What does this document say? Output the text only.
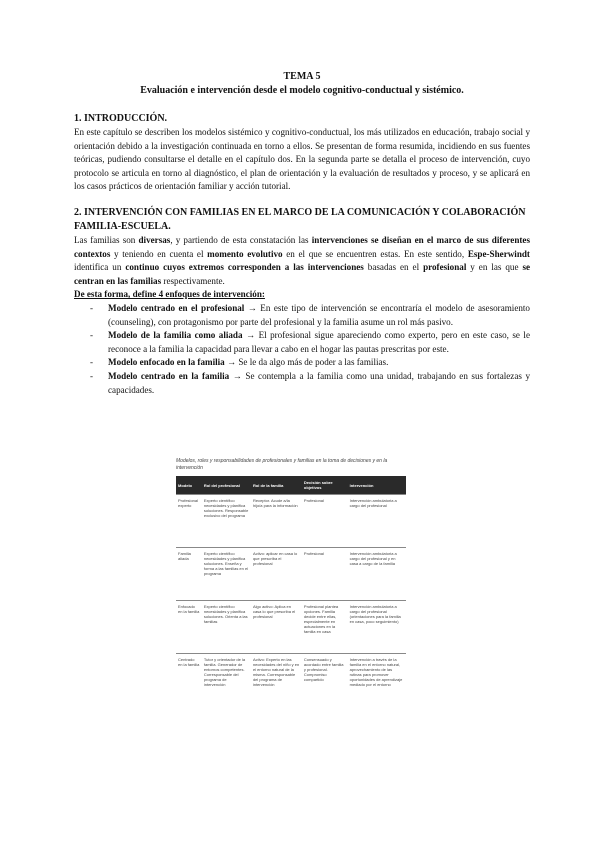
TEMA 5
Evaluación e intervención desde el modelo cognitivo-conductual y sistémico.
1. INTRODUCCIÓN.

En este capítulo se describen los modelos sistémico y cognitivo-conductual, los más utilizados en educación, trabajo social y orientación debido a la investigación continuada en torno a ellos. Se presentan de forma resumida, incidiendo en sus fuentes teóricas, pudiendo consultarse el detalle en el capítulo dos. En la segunda parte se detalla el proceso de intervención, cuyo protocolo se articula en torno al diagnóstico, el plan de orientación y la evaluación de resultados y proceso, y se aplicará en los casos prácticos de orientación familiar y acción tutorial.

2. INTERVENCIÓN CON FAMILIAS EN EL MARCO DE LA COMUNICACIÓN Y COLABORACIÓN FAMILIA-ESCUELA.

Las familias son diversas, y partiendo de esta constatación las intervenciones se diseñan en el marco de sus diferentes contextos y teniendo en cuenta el momento evolutivo en el que se encuentren estas. En este sentido, Espe-Sherwindt identifica un continuo cuyos extremos corresponden a las intervenciones basadas en el profesional y en las que se centran en las familias respectivamente.

De esta forma, define 4 enfoques de intervención:

- Modelo centrado en el profesional → En este tipo de intervención se encontraría el modelo de asesoramiento (counseling), con protagonismo por parte del profesional y la familia asume un rol más pasivo.
- Modelo de la familia como aliada → El profesional sigue apareciendo como experto, pero en este caso, se le reconoce a la familia la capacidad para llevar a cabo en el hogar las pautas prescritas por este.
- Modelo enfocado en la familia → Se le da algo más de poder a las familias.
- Modelo centrado en la familia → Se contempla a la familia como una unidad, trabajando en sus fortalezas y capacidades.
Modelos, roles y responsabilidades de profesionales y familias en la toma de decisiones y en la intervención
Modelo	Rol del profesional	Rol de la familia	Decisión sobre objetivos	Intervención
Profesional experto	Experto científico necesidades y planifica soluciones. Responsable exclusivo del programa	Receptor. Acude a/la hijo/a para la información	Profesional	Intervención ambulatoria a cargo del profesional
Familia aliada	Experto científico necesidades y planifica soluciones. Enseña y forma a las familias en el programa	Activo: aplicar en casa lo que prescriba el profesional	Profesional	Intervención ambulatoria a cargo del profesional y en casa a cargo de la familia
Enfocado en la familia	Experto científico necesidades y planifica soluciones. Orienta a las familias	Algo activo: Aplica en casa lo que prescriba el profesional	Profesional plantea opciones. Familia decide entre ellas, especialmente en actuaciones en la familia en casa	Intervención ambulatoria a cargo del profesional (orientaciones para la familia en casa, poco seguimiento)
Centrado en la familia	Tutor y orientador de la familia. Generador de entornos competentes. Corresponsable del programa de intervención	Activo: Experto en las necesidades del niño y en el entorno natural de la misma. Corresponsable del programa de intervención	Consensuado y acordado entre familia y profesional. Compromiso compartido	Intervención a través de la familia en el entorno natural, aprovechamiento de las rutinas para promover oportunidades de aprendizaje mediado por el entorno
